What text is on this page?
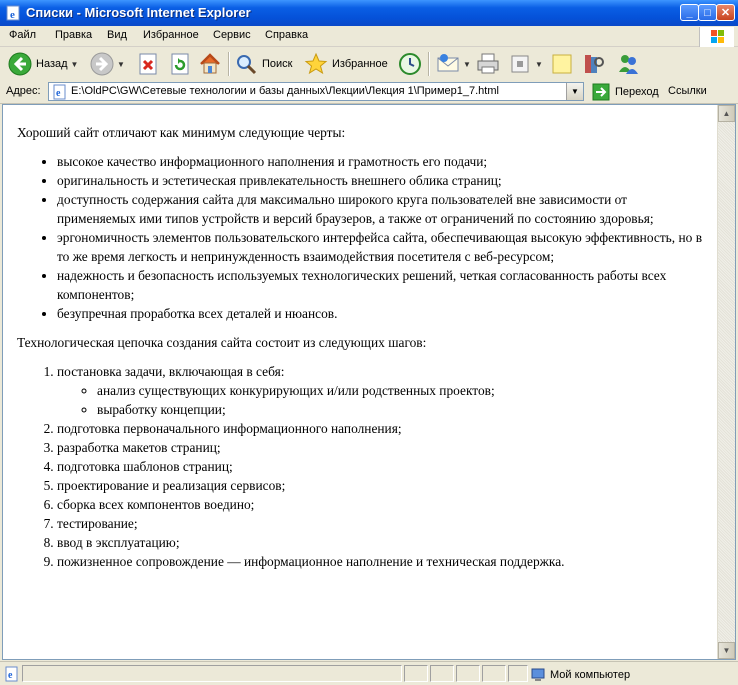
e Списки - Microsoft Internet Explorer	_	□ ✕
Файл Правка Вид Избранное Сервис Справка
Назад ▼	▼	Поиск	Избранное	▼	▼
Адрес: e E:\OldPC\GW\Сетевые технологии и базы данных\Лекции\Лекция 1\Пример1_7.html	▼	Переход Ссылки

Хороший сайт отличают как минимум следующие черты:

• высокое качество информационного наполнения и грамотность его подачи;
• оригинальность и эстетическая привлекательность внешнего облика страниц;
• доступность содержания сайта для максимально широкого круга пользователей вне зависимости от применяемых ими типов устройств и версий браузеров, а также от ограничений по состоянию здоровья;
• эргономичность элементов пользовательского интерфейса сайта, обеспечивающая высокую эффективность, но в то же время легкость и непринужденность взаимодействия посетителя с веб-ресурсом;
• надежность и безопасность используемых технологических решений, четкая согласованность работы всех компонентов;
• безупречная проработка всех деталей и нюансов.

Технологическая цепочка создания сайта состоит из следующих шагов:

1. постановка задачи, включающая в себя:
◦ анализ существующих конкурирующих и/или родственных проектов;
◦ выработку концепции;
2. подготовка первоначального информационного наполнения;
3. разработка макетов страниц;
4. подготовка шаблонов страниц;
5. проектирование и реализация сервисов;
6. сборка всех компонентов воедино;
7. тестирование;
8. ввод в эксплуатацию;
9. пожизненное сопровождение — информационное наполнение и техническая поддержка.
▲
▼
e	Мой компьютер
